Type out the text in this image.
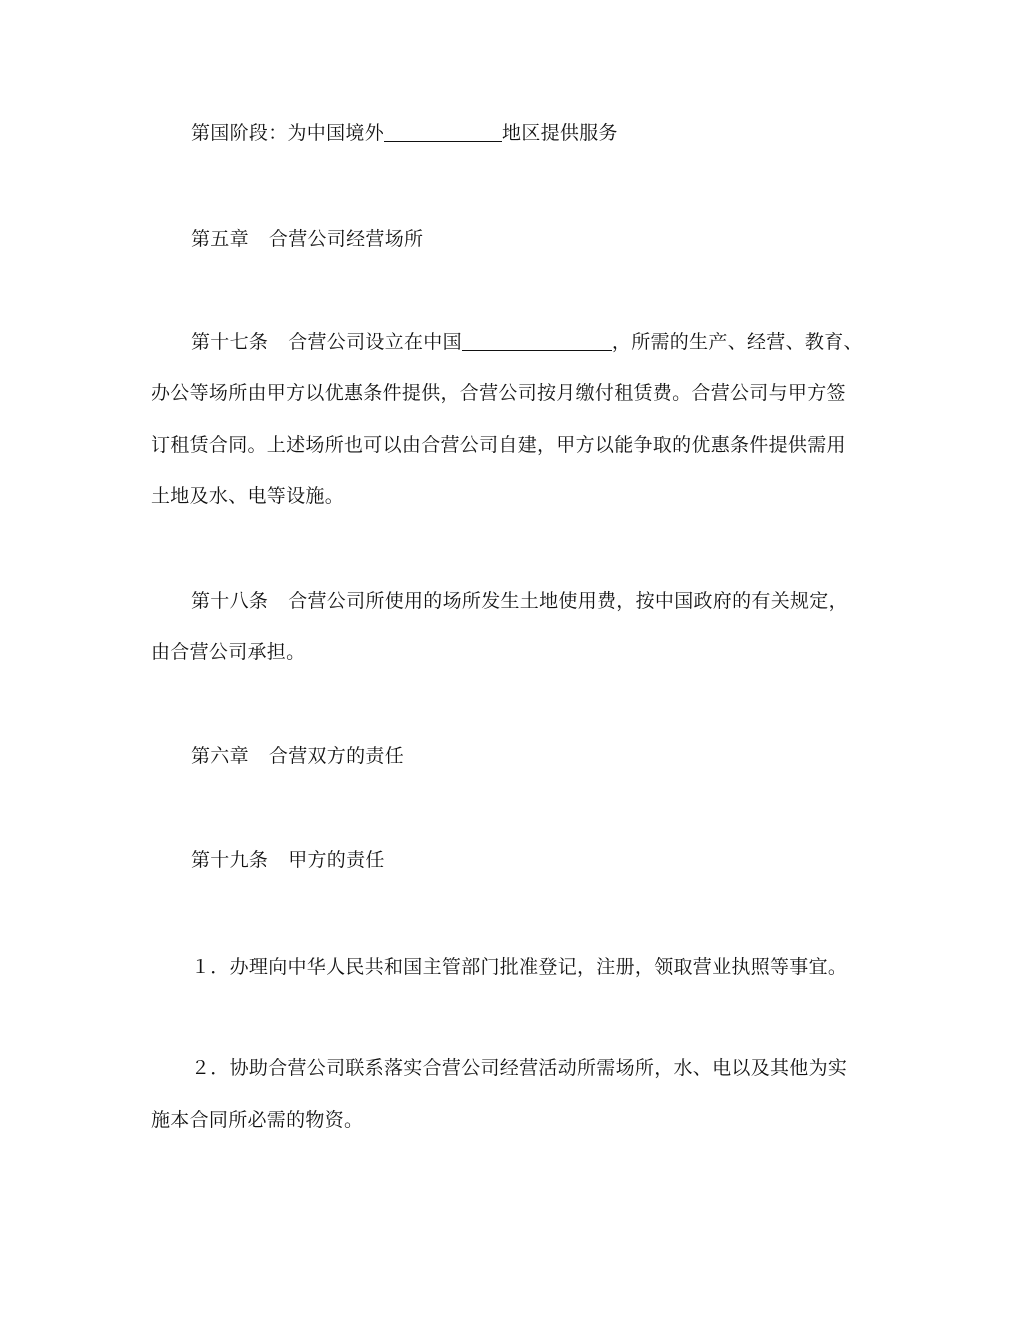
第国阶段：为中国境外	地区提供服务
第五章 合营公司经营场所
第十七条 合营公司设立在中国	，所需的生产、经营、教育、
办公等场所由甲方以优惠条件提供，合营公司按月缴付租赁费。合营公司与甲方签
订租赁合同。上述场所也可以由合营公司自建，甲方以能争取的优惠条件提供需用
土地及水、电等设施。
第十八条 合营公司所使用的场所发生土地使用费，按中国政府的有关规定，
由合营公司承担。
第六章 合营双方的责任
第十九条 甲方的责任
１．办理向中华人民共和国主管部门批准登记，注册，领取营业执照等事宜。
２．协助合营公司联系落实合营公司经营活动所需场所，水、电以及其他为实
施本合同所必需的物资。
